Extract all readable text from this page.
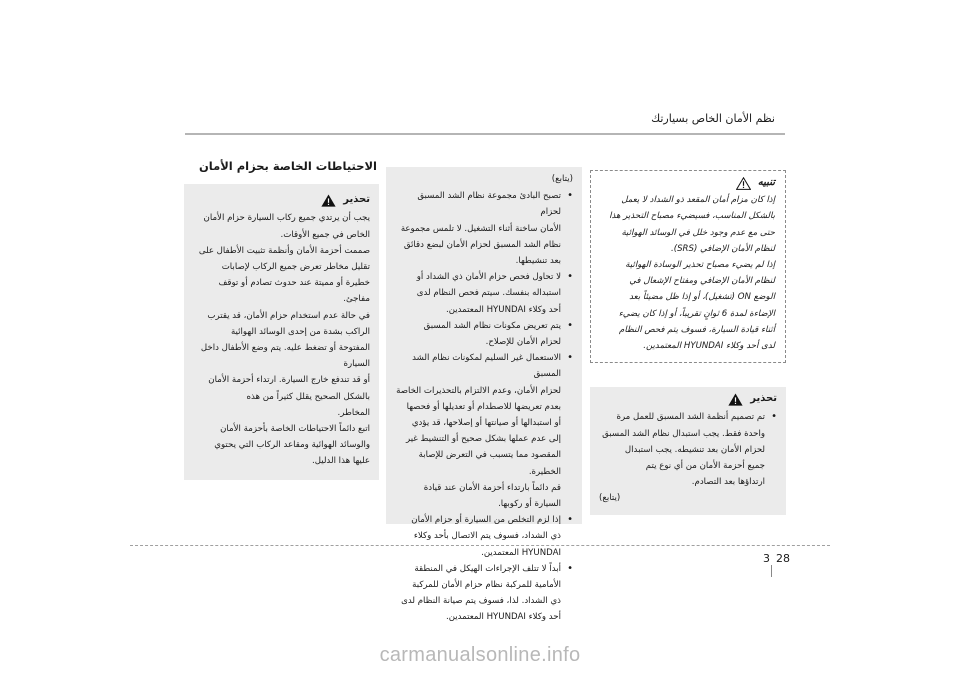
نظم الأمان الخاص بسيارتك
تنبيه
إذا كان مزام أمان المقعد ذو الشداد لا يعمل
بالشكل المناسب، فسيضيء مصباح التحذير هذا
حتى مع عدم وجود خلل في الوسائد الهوائية
لنظام الأمان الإضافي (SRS).
إذا لم يضيء مصباح تحذير الوسادة الهوائية
لنظام الأمان الإضافي ومفتاح الإشعال في
الوضع ON (تشغيل)، أو إذا ظل مضيئاً بعد
الإضاءة لمدة 6 ثوانٍ تقريباً، أو إذا كان يضيء
أثناء قيادة السيارة، فسوف يتم فحص النظام
لدى أحد وكلاء HYUNDAI المعتمدين.
تحذير
• تم تصميم أنظمة الشد المسبق للعمل مرة
واحدة فقط. يجب استبدال نظام الشد المسبق
لحزام الأمان بعد تنشيطه. يجب استبدال
جميع أحزمة الأمان من أي نوع يتم
ارتداؤها بعد التصادم.
(يتابع)
(يتابع)
• تصبح البادئ مجموعة نظام الشد المسبق لحزام
الأمان ساخنة أثناء التشغيل. لا تلمس مجموعة
نظام الشد المسبق لحزام الأمان لبضع دقائق
بعد تنشيطها.
• لا تحاول فحص حزام الأمان ذي الشداد أو
استبداله بنفسك. سيتم فحص النظام لدى
أحد وكلاء HYUNDAI المعتمدين.
• يتم تعريض مكونات نظام الشد المسبق
لحزام الأمان للإصلاح.
• الاستعمال غير السليم لمكونات نظام الشد المسبق
لحزام الأمان، وعدم الالتزام بالتحذيرات الخاصة
بعدم تعريضها للاصطدام أو تعديلها أو فحصها
أو استبدالها أو صيانتها أو إصلاحها، قد يؤدي
إلى عدم عملها بشكل صحيح أو التنشيط غير
المقصود مما يتسبب في التعرض للإصابة الخطيرة.
قم دائماً بارتداء أحزمة الأمان عند قيادة
السيارة أو ركوبها.
• إذا لزم التخلص من السيارة أو حزام الأمان
ذي الشداد، فسوف يتم الاتصال بأحد وكلاء
HYUNDAI المعتمدين.
• أبداً لا تتلف الإجراءات الهيكل في المنطقة
الأمامية للمركبة نظام حزام الأمان للمركبة
ذي الشداد. لذا، فسوف يتم صيانة النظام لدى
أحد وكلاء HYUNDAI المعتمدين.
الاحتياطات الخاصة بحزام الأمان
تحذير
يجب أن يرتدي جميع ركاب السيارة حزام الأمان
الخاص في جميع الأوقات.
صممت أحزمة الأمان وأنظمة تثبيت الأطفال على
تقليل مخاطر تعرض جميع الركاب لإصابات
خطيرة أو مميتة عند حدوث تصادم أو توقف
مفاجئ.
في حالة عدم استخدام حزام الأمان، قد يقترب
الراكب بشدة من إحدى الوسائد الهوائية
المفتوحة أو تضغط عليه. يتم وضع الأطفال داخل السيارة
أو قد تندفع خارج السيارة. ارتداء أحزمة الأمان
بالشكل الصحيح يقلل كثيراً من هذه
المخاطر.
اتبع دائماً الاحتياطات الخاصة بأحزمة الأمان
والوسائد الهوائية ومقاعد الركاب التي يحتوي
عليها هذا الدليل.
3 28
carmanualsonline.info
